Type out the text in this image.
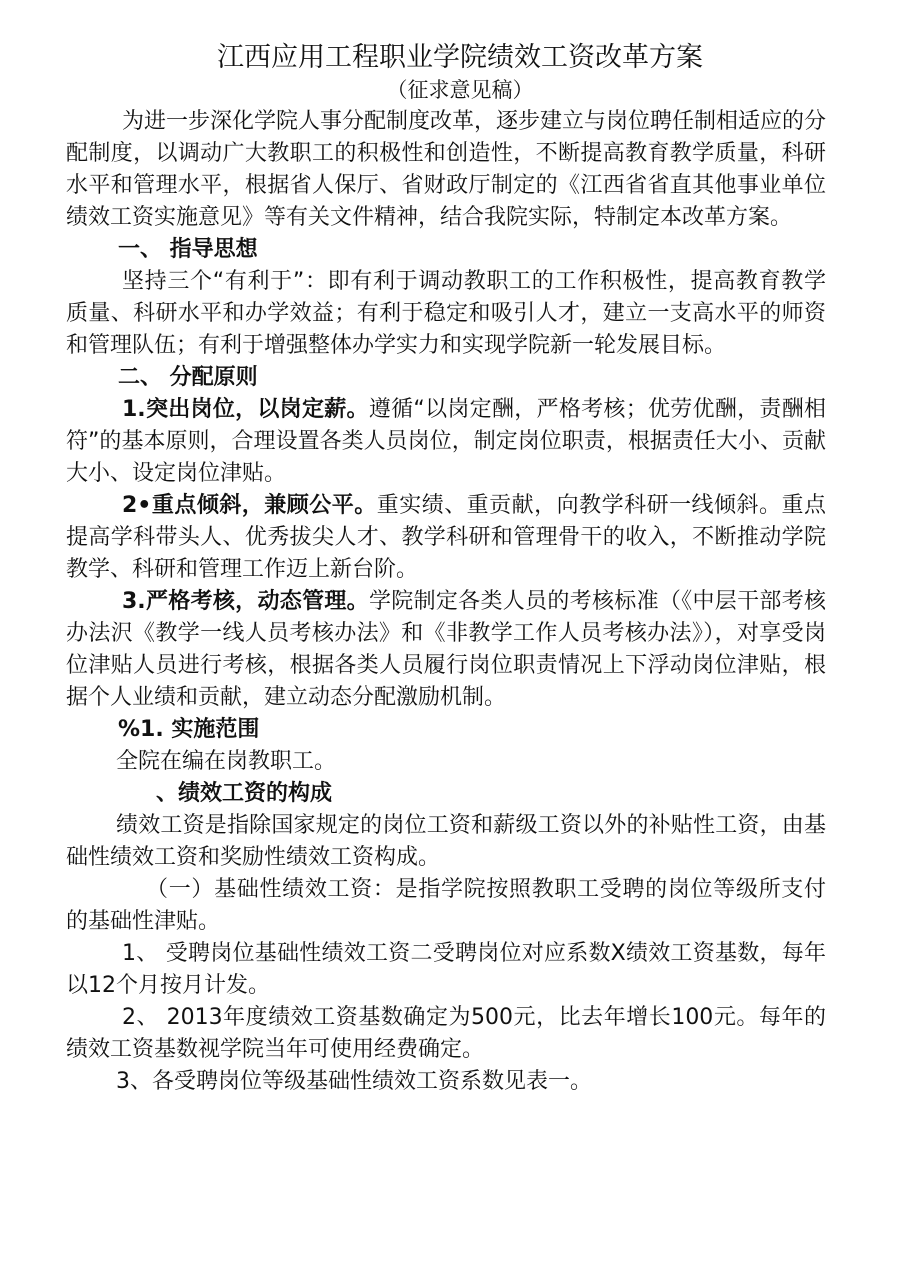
江西应用工程职业学院绩效工资改革方案
（征求意见稿）

为进一步深化学院人事分配制度改革，逐步建立与岗位聘任制相适应的分配制度，以调动广大教职工的积极性和创造性，不断提高教育教学质量，科研水平和管理水平，根据省人保厅、省财政厅制定的《江西省省直其他事业单位绩效工资实施意见》等有关文件精神，结合我院实际，特制定本改革方案。

一、 指导思想

坚持三个“有利于”：即有利于调动教职工的工作积极性，提高教育教学质量、科研水平和办学效益；有利于稳定和吸引人才，建立一支高水平的师资和管理队伍；有利于增强整体办学实力和实现学院新一轮发展目标。

二、 分配原则

1.突出岗位，以岗定薪。遵循“以岗定酬，严格考核；优劳优酬，责酬相符”的基本原则，合理设置各类人员岗位，制定岗位职责，根据责任大小、贡献大小、设定岗位津贴。

2•重点倾斜，兼顾公平。重实绩、重贡献，向教学科研一线倾斜。重点提高学科带头人、优秀拔尖人才、教学科研和管理骨干的收入，不断推动学院教学、科研和管理工作迈上新台阶。

3.严格考核，动态管理。学院制定各类人员的考核标准（《中层干部考核办法沢《教学一线人员考核办法》和《非教学工作人员考核办法》），对享受岗位津贴人员进行考核，根据各类人员履行岗位职责情况上下浮动岗位津贴，根据个人业绩和贡献，建立动态分配激励机制。

%1. 实施范围

全院在编在岗教职工。

、绩效工资的构成

绩效工资是指除国家规定的岗位工资和薪级工资以外的补贴性工资，由基础性绩效工资和奖励性绩效工资构成。

（一）基础性绩效工资：是指学院按照教职工受聘的岗位等级所支付的基础性津贴。

1、 受聘岗位基础性绩效工资二受聘岗位对应系数X绩效工资基数，每年以12个月按月计发。

2、 2013年度绩效工资基数确定为500元，比去年增长100元。每年的绩效工资基数视学院当年可使用经费确定。

3、各受聘岗位等级基础性绩效工资系数见表一。
